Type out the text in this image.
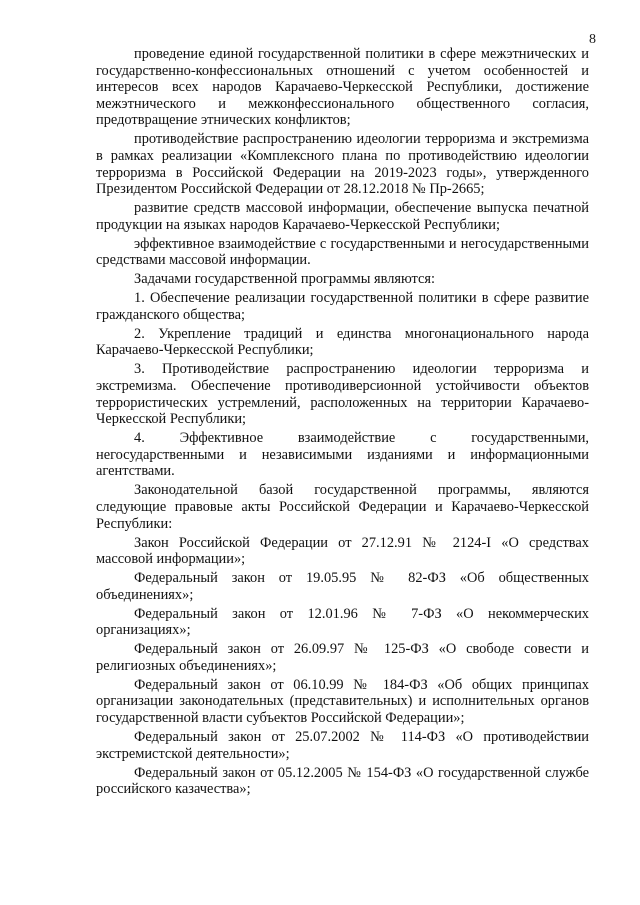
8

проведение единой государственной политики в сфере межэтнических и государственно-конфессиональных отношений с учетом особенностей и интересов всех народов Карачаево-Черкесской Республики, достижение межэтнического и межконфессионального общественного согласия, предотвращение этнических конфликтов;

противодействие распространению идеологии терроризма и экстремизма в рамках реализации «Комплексного плана по противодействию идеологии терроризма в Российской Федерации на 2019-2023 годы», утвержденного Президентом Российской Федерации от 28.12.2018 № Пр-2665;

развитие средств массовой информации, обеспечение выпуска печатной продукции на языках народов Карачаево-Черкесской Республики;

эффективное взаимодействие с государственными и негосударственными средствами массовой информации.

Задачами государственной программы являются:

1. Обеспечение реализации государственной политики в сфере развитие гражданского общества;

2. Укрепление традиций и единства многонационального народа Карачаево-Черкесской Республики;

3. Противодействие распространению идеологии терроризма и экстремизма. Обеспечение противодиверсионной устойчивости объектов террористических устремлений, расположенных на территории Карачаево-Черкесской Республики;

4. Эффективное взаимодействие с государственными, негосударственными и независимыми изданиями и информационными агентствами.

Законодательной базой государственной программы, являются следующие правовые акты Российской Федерации и Карачаево-Черкесской Республики:

Закон Российской Федерации от 27.12.91 № 2124-I «О средствах массовой информации»;

Федеральный закон от 19.05.95 № 82-ФЗ «Об общественных объединениях»;

Федеральный закон от 12.01.96 № 7-ФЗ «О некоммерческих организациях»;

Федеральный закон от 26.09.97 № 125-ФЗ «О свободе совести и религиозных объединениях»;

Федеральный закон от 06.10.99 № 184-ФЗ «Об общих принципах организации законодательных (представительных) и исполнительных органов государственной власти субъектов Российской Федерации»;

Федеральный закон от 25.07.2002 № 114-ФЗ «О противодействии экстремистской деятельности»;

Федеральный закон от 05.12.2005 № 154-ФЗ «О государственной службе российского казачества»;
